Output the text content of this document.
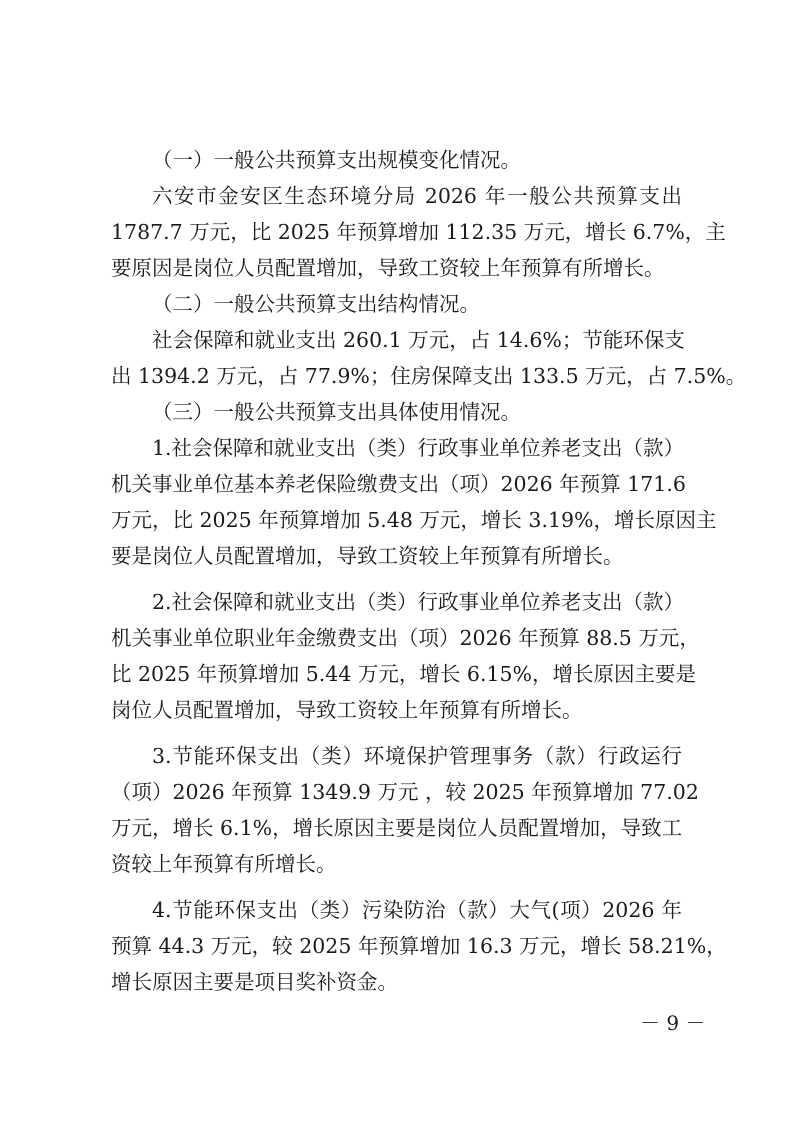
（一）一般公共预算支出规模变化情况。
六安市金安区生态环境分局 2026 年一般公共预算支出
1787.7 万元，比 2025 年预算增加 112.35 万元，增长 6.7%，主
要原因是岗位人员配置增加，导致工资较上年预算有所增长。
（二）一般公共预算支出结构情况。
社会保障和就业支出 260.1 万元，占 14.6%；节能环保支
出 1394.2 万元，占 77.9%；住房保障支出 133.5 万元，占 7.5%。
（三）一般公共预算支出具体使用情况。
1.社会保障和就业支出（类）行政事业单位养老支出（款）
机关事业单位基本养老保险缴费支出（项）2026 年预算 171.6
万元，比 2025 年预算增加 5.48 万元，增长 3.19%，增长原因主
要是岗位人员配置增加，导致工资较上年预算有所增长。
2.社会保障和就业支出（类）行政事业单位养老支出（款）
机关事业单位职业年金缴费支出（项）2026 年预算 88.5 万元，
比 2025 年预算增加 5.44 万元，增长 6.15%，增长原因主要是
岗位人员配置增加，导致工资较上年预算有所增长。
3.节能环保支出（类）环境保护管理事务（款）行政运行
（项）2026 年预算 1349.9 万元 ，较 2025 年预算增加 77.02
万元，增长 6.1%，增长原因主要是岗位人员配置增加，导致工
资较上年预算有所增长。
4.节能环保支出（类）污染防治（款）大气(项）2026 年
预算 44.3 万元，较 2025 年预算增加 16.3 万元，增长 58.21%，
增长原因主要是项目奖补资金。
－ 9 －
